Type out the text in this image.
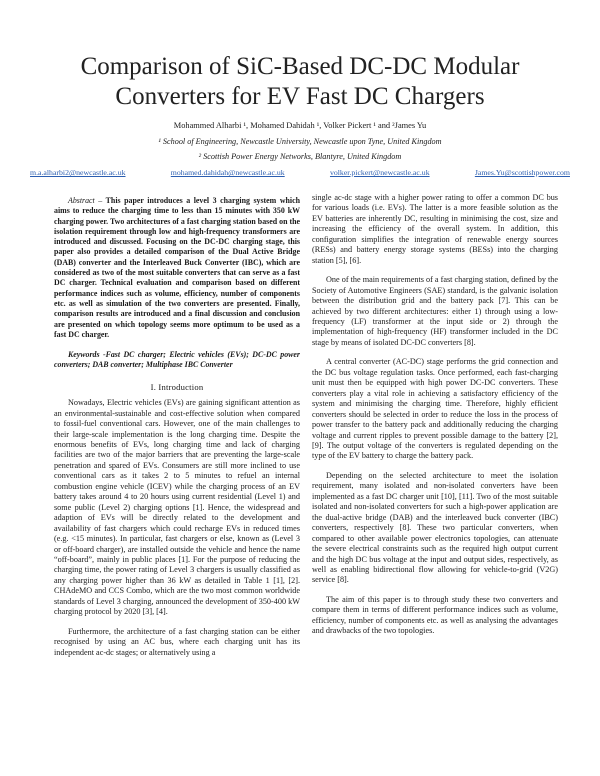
Comparison of SiC-Based DC-DC Modular Converters for EV Fast DC Chargers
Mohammed Alharbi ¹, Mohamed Dahidah ¹, Volker Pickert ¹ and ²James Yu
¹ School of Engineering, Newcastle University, Newcastle upon Tyne, United Kingdom
² Scottish Power Energy Networks, Blantyre, United Kingdom
m.a.alharbi2@newcastle.ac.uk	mohamed.dahidah@newcastle.ac.uk	volker.pickert@newcastle.ac.uk	James.Yu@scottishpower.com

Abstract – This paper introduces a level 3 charging system which aims to reduce the charging time to less than 15 minutes with 350 kW charging power. Two architectures of a fast charging station based on the isolation requirement through low and high-frequency transformers are introduced and discussed. Focusing on the DC-DC charging stage, this paper also provides a detailed comparison of the Dual Active Bridge (DAB) converter and the Interleaved Buck Converter (IBC), which are considered as two of the most suitable converters that can serve as a fast DC charger. Technical evaluation and comparison based on different performance indices such as volume, efficiency, number of components etc. as well as simulation of the two converters are presented. Finally, comparison results are introduced and a final discussion and conclusion are presented on which topology seems more optimum to be used as a fast DC charger.

Keywords -Fast DC charger; Electric vehicles (EVs); DC-DC power converters; DAB converter; Multiphase IBC Converter

I. Introduction

Nowadays, Electric vehicles (EVs) are gaining significant attention as an environmental-sustainable and cost-effective solution when compared to fossil-fuel conventional cars. However, one of the main challenges to their large-scale implementation is the long charging time. Despite the enormous benefits of EVs, long charging time and lack of charging facilities are two of the major barriers that are preventing the large-scale penetration and spared of EVs. Consumers are still more inclined to use conventional cars as it takes 2 to 5 minutes to refuel an internal combustion engine vehicle (ICEV) while the charging process of an EV battery takes around 4 to 20 hours using current residential (Level 1) and some public (Level 2) charging options [1]. Hence, the widespread and adaption of EVs will be directly related to the development and availability of fast chargers which could recharge EVs in reduced times (e.g. <15 minutes). In particular, fast chargers or else, known as (Level 3 or off-board charger), are installed outside the vehicle and hence the name “off-board”, mainly in public places [1]. For the purpose of reducing the charging time, the power rating of Level 3 chargers is usually classified as any charging power higher than 36 kW as detailed in Table 1 [1], [2]. CHAdeMO and CCS Combo, which are the two most common worldwide standards of Level 3 charging, announced the development of 350-400 kW charging protocol by 2020 [3], [4].

Furthermore, the architecture of a fast charging station can be either recognised by using an AC bus, where each charging unit has its independent ac-dc stages; or alternatively using a

single ac-dc stage with a higher power rating to offer a common DC bus for various loads (i.e. EVs). The latter is a more feasible solution as the EV batteries are inherently DC, resulting in minimising the cost, size and increasing the efficiency of the overall system. In addition, this configuration simplifies the integration of renewable energy sources (RESs) and battery energy storage systems (BESs) into the charging station [5], [6].

One of the main requirements of a fast charging station, defined by the Society of Automotive Engineers (SAE) standard, is the galvanic isolation between the distribution grid and the battery pack [7]. This can be achieved by two different architectures: either 1) through using a low-frequency (LF) transformer at the input side or 2) through the implementation of high-frequency (HF) transformer included in the DC stage by means of isolated DC-DC converters [8].

A central converter (AC-DC) stage performs the grid connection and the DC bus voltage regulation tasks. Once performed, each fast-charging unit must then be equipped with high power DC-DC converters. These converters play a vital role in achieving a satisfactory efficiency of the system and minimising the charging time. Therefore, highly efficient converters should be selected in order to reduce the loss in the process of power transfer to the battery pack and additionally reducing the charging voltage and current ripples to prevent possible damage to the battery [2], [9]. The output voltage of the converters is regulated depending on the type of the EV battery to charge the battery pack.

Depending on the selected architecture to meet the isolation requirement, many isolated and non-isolated converters have been implemented as a fast DC charger unit [10], [11]. Two of the most suitable isolated and non-isolated converters for such a high-power application are the dual-active bridge (DAB) and the interleaved buck converter (IBC) converters, respectively [8]. These two particular converters, when compared to other available power electronics topologies, can attenuate the severe electrical constraints such as the required high output current and the high DC bus voltage at the input and output sides, respectively, as well as enabling bidirectional flow allowing for vehicle-to-grid (V2G) service [8].

The aim of this paper is to through study these two converters and compare them in terms of different performance indices such as volume, efficiency, number of components etc. as well as analysing the advantages and drawbacks of the two topologies.
